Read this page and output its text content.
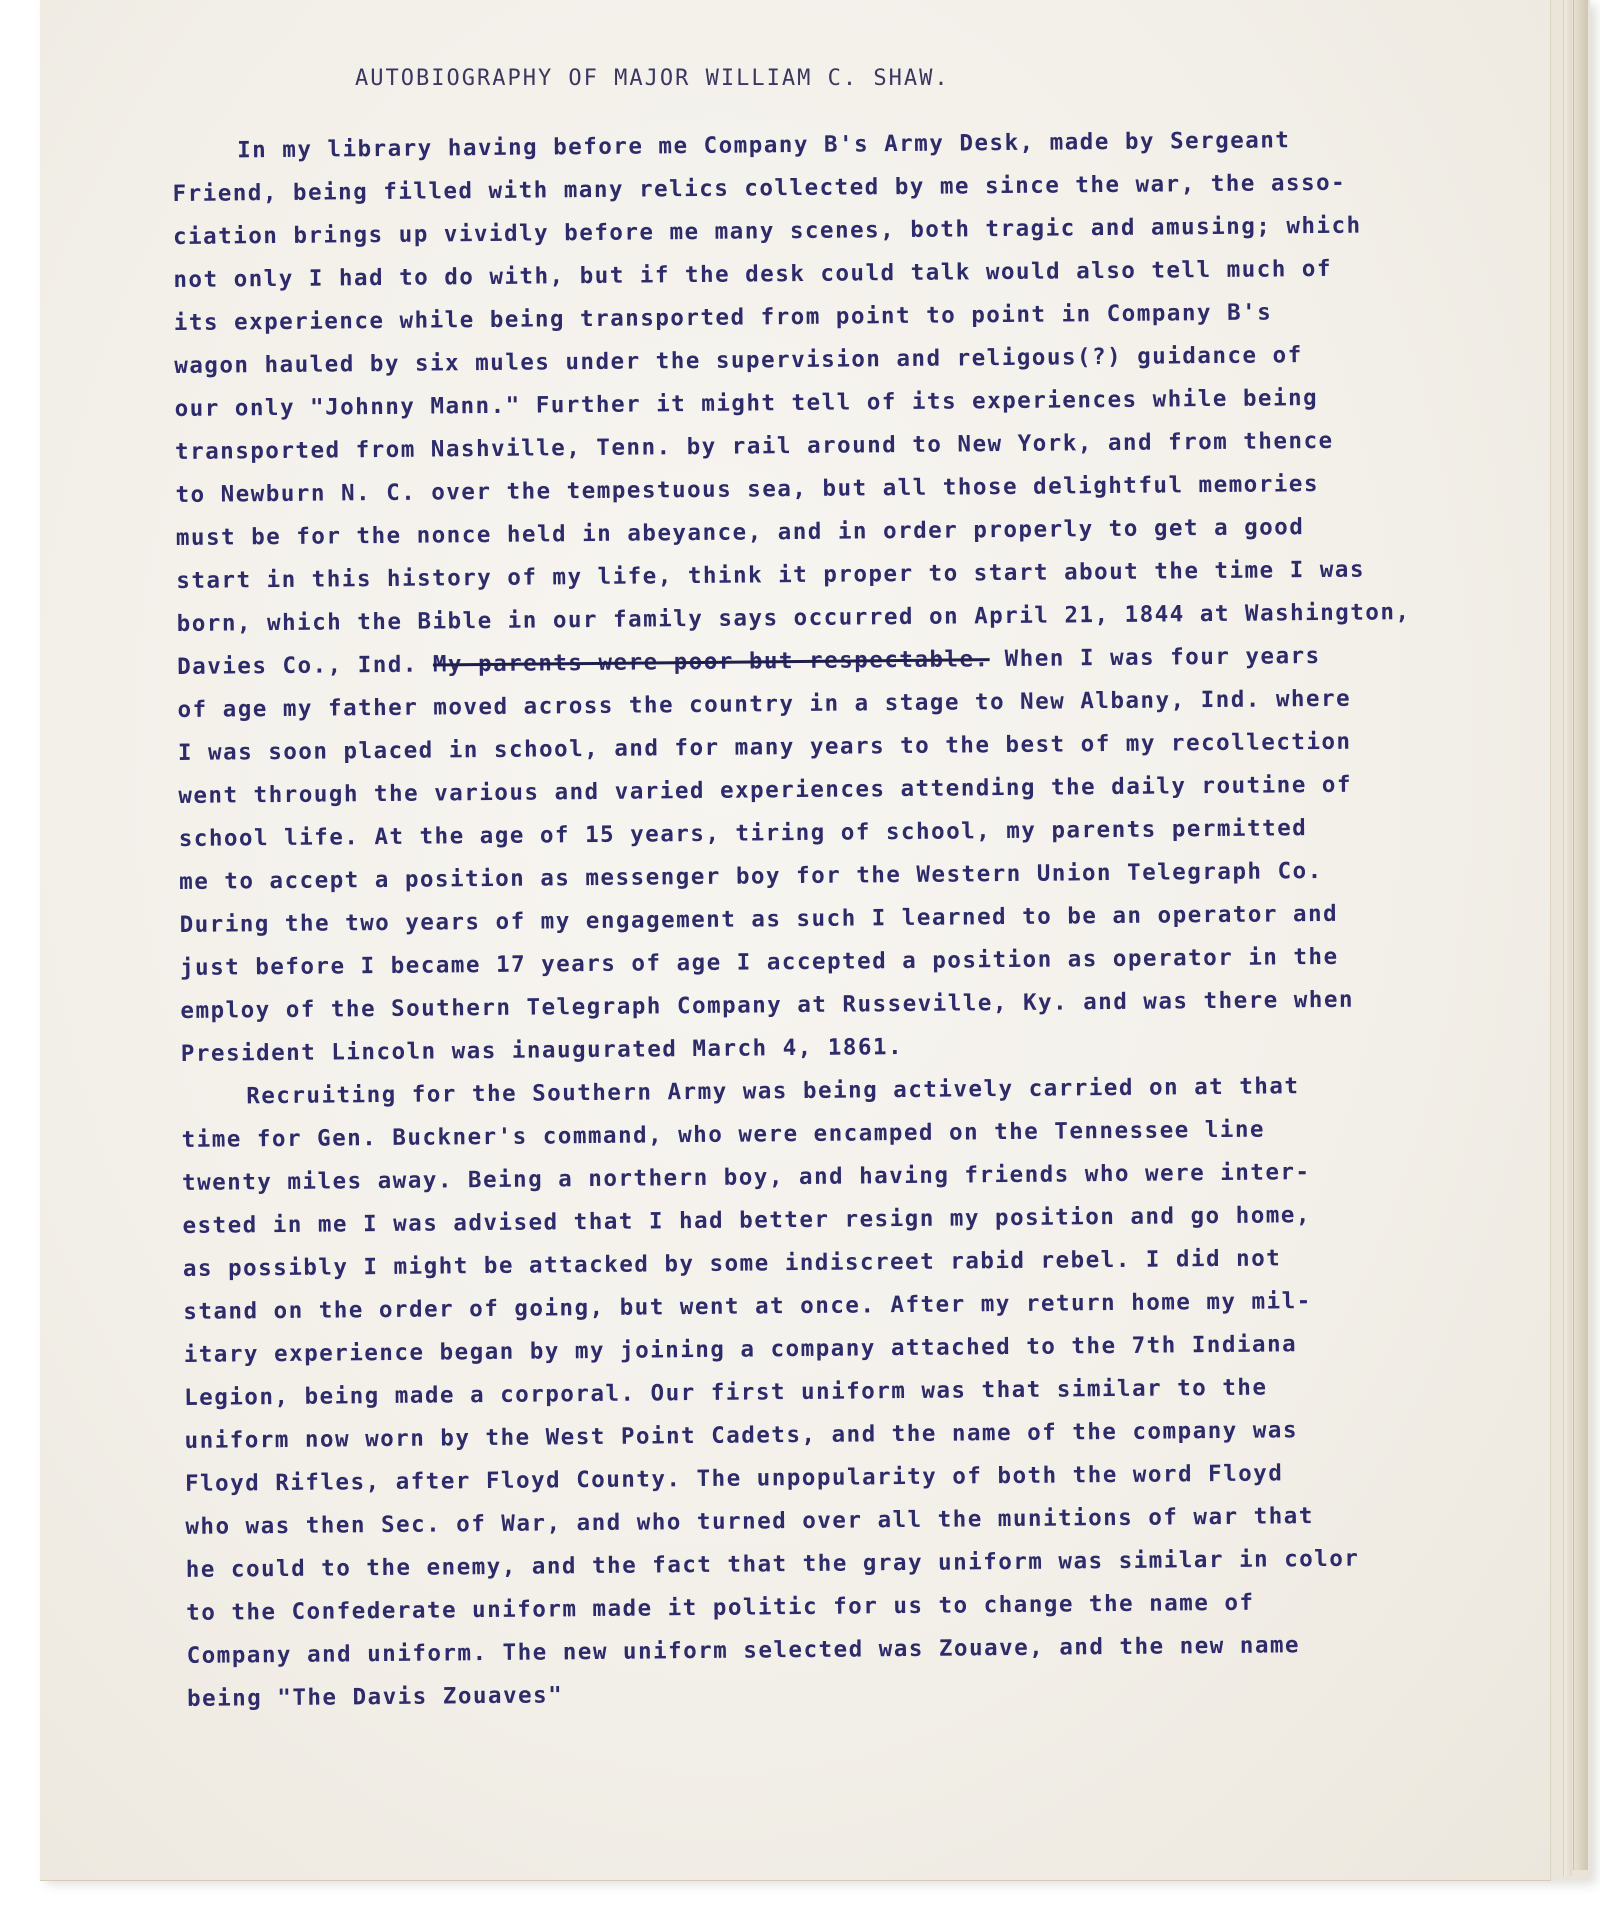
AUTOBIOGRAPHY OF MAJOR WILLIAM C. SHAW.
In my library having before me Company B's Army Desk, made by Sergeant
Friend, being filled with many relics collected by me since the war, the asso-
ciation brings up vividly before me many scenes, both tragic and amusing; which
not only I had to do with, but if the desk could talk would also tell much of
its experience while being transported from point to point in Company B's
wagon hauled by six mules under the supervision and religous(?) guidance of
our only "Johnny Mann." Further it might tell of its experiences while being
transported from Nashville, Tenn. by rail around to New York, and from thence
to Newburn N. C. over the tempestuous sea, but all those delightful memories
must be for the nonce held in abeyance, and in order properly to get a good
start in this history of my life, think it proper to start about the time I was
born, which the Bible in our family says occurred on April 21, 1844 at Washington,
Davies Co., Ind. My parents were poor but respectable. When I was four years
of age my father moved across the country in a stage to New Albany, Ind. where
I was soon placed in school, and for many years to the best of my recollection
went through the various and varied experiences attending the daily routine of
school life. At the age of 15 years, tiring of school, my parents permitted
me to accept a position as messenger boy for the Western Union Telegraph Co.
During the two years of my engagement as such I learned to be an operator and
just before I became 17 years of age I accepted a position as operator in the
employ of the Southern Telegraph Company at Russeville, Ky. and was there when
President Lincoln was inaugurated March 4, 1861.
Recruiting for the Southern Army was being actively carried on at that
time for Gen. Buckner's command, who were encamped on the Tennessee line
twenty miles away. Being a northern boy, and having friends who were inter-
ested in me I was advised that I had better resign my position and go home,
as possibly I might be attacked by some indiscreet rabid rebel. I did not
stand on the order of going, but went at once. After my return home my mil-
itary experience began by my joining a company attached to the 7th Indiana
Legion, being made a corporal. Our first uniform was that similar to the
uniform now worn by the West Point Cadets, and the name of the company was
Floyd Rifles, after Floyd County. The unpopularity of both the word Floyd
who was then Sec. of War, and who turned over all the munitions of war that
he could to the enemy, and the fact that the gray uniform was similar in color
to the Confederate uniform made it politic for us to change the name of
Company and uniform. The new uniform selected was Zouave, and the new name
being "The Davis Zouaves"
